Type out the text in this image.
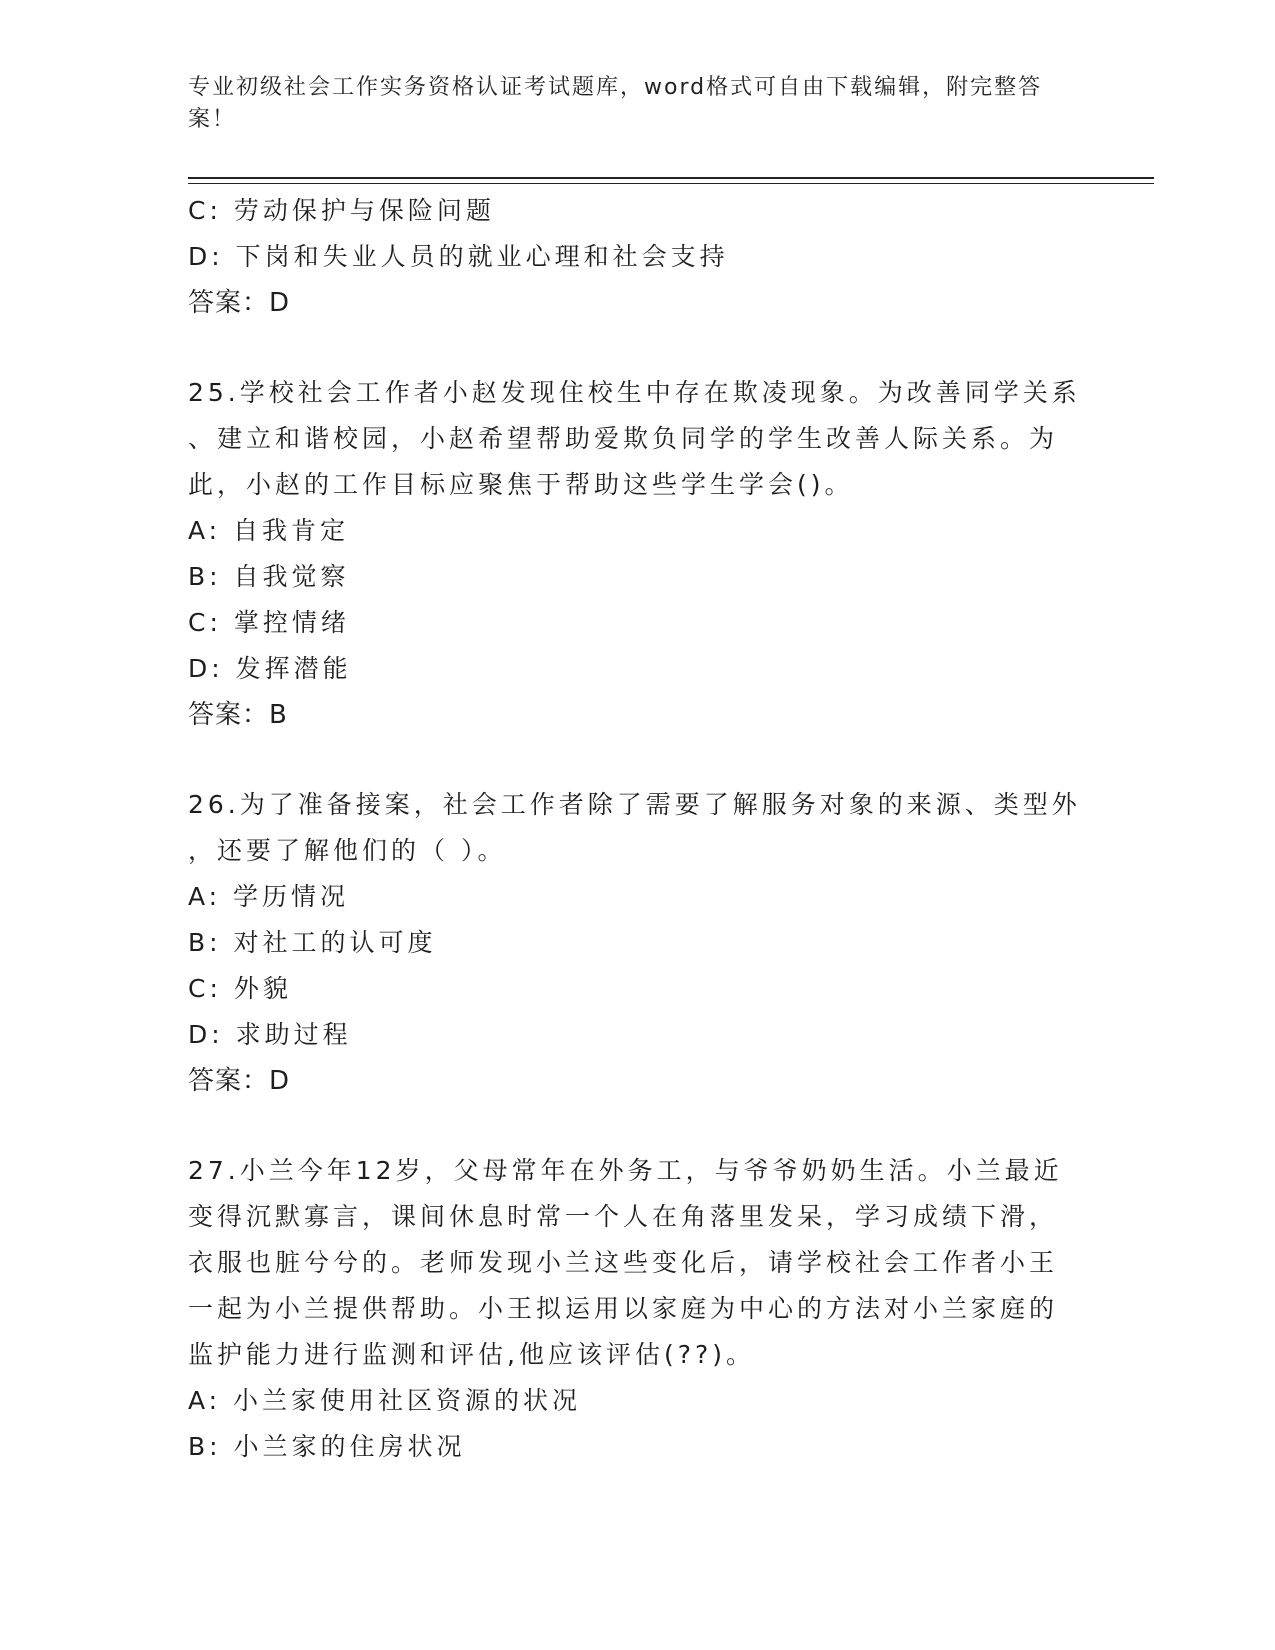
专业初级社会工作实务资格认证考试题库，word格式可自由下载编辑，附完整答
案！
C: 劳动保护与保险问题
D: 下岗和失业人员的就业心理和社会支持
答案：D
25.学校社会工作者小赵发现住校生中存在欺凌现象。为改善同学关系
、建立和谐校园，小赵希望帮助爱欺负同学的学生改善人际关系。为
此，小赵的工作目标应聚焦于帮助这些学生学会()。
A: 自我肯定
B: 自我觉察
C: 掌控情绪
D: 发挥潜能
答案：B
26.为了准备接案，社会工作者除了需要了解服务对象的来源、类型外
，还要了解他们的（ ）。
A: 学历情况
B: 对社工的认可度
C: 外貌
D: 求助过程
答案：D
27.小兰今年12岁，父母常年在外务工，与爷爷奶奶生活。小兰最近
变得沉默寡言，课间休息时常一个人在角落里发呆，学习成绩下滑，
衣服也脏兮兮的。老师发现小兰这些变化后，请学校社会工作者小王
一起为小兰提供帮助。小王拟运用以家庭为中心的方法对小兰家庭的
监护能力进行监测和评估,他应该评估(??)。
A: 小兰家使用社区资源的状况
B: 小兰家的住房状况
